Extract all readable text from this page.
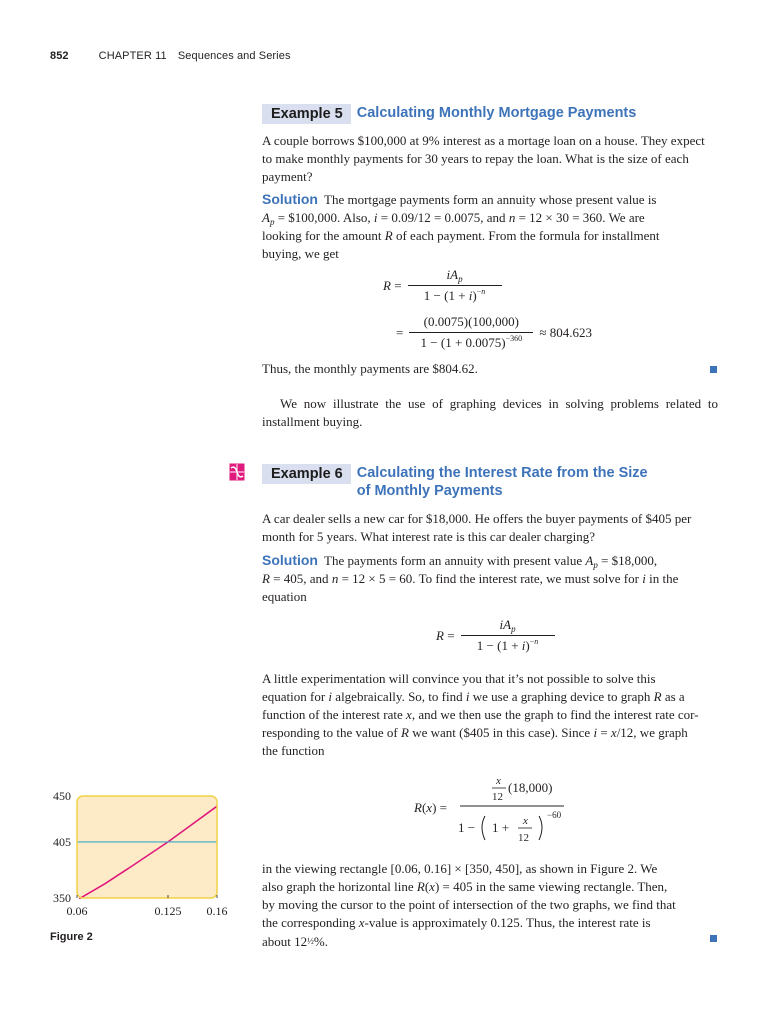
852	CHAPTER 11 Sequences and Series
Example 5 Calculating Monthly Mortgage Payments
A couple borrows $100,000 at 9% interest as a mortage loan on a house. They expect to make monthly payments for 30 years to repay the loan. What is the size of each payment?

Solution The mortgage payments form an annuity whose present value is

$A_p$ = $100,000. Also, i = 0.09/12 = 0.0075, and n = 12 × 30 = 360. We are

looking for the amount R of each payment. From the formula for installment

buying, we get

$R = \frac{iA_p}{1 - (1 + i)^{-n}}$
= $\frac{(0.0075)(100,000)}{1 - (1 + 0.0075)^{-360}} \approx 804.623$
Thus, the monthly payments are $804.62.
We now illustrate the use of graphing devices in solving problems related to installment buying.
Example 6 Calculating the Interest Rate from the Size
of Monthly Payments
A car dealer sells a new car for $18,000. He offers the buyer payments of $405 per month for 5 years. What interest rate is this car dealer charging?

Solution The payments form an annuity with present value $A_p$ = $18,000,

R = 405, and n = 12 × 5 = 60. To find the interest rate, we must solve for i in the

equation

$R = \frac{iA_p}{1 - (1 + i)^{-n}}$

A little experimentation will convince you that it’s not possible to solve this

equation for i algebraically. So, to find i we use a graphing device to graph R as a

function of the interest rate x, and we then use the graph to find the interest rate cor-

responding to the value of R we want ($405 in this case). Since i = x/12, we graph

the function

R(x) =
x
12
(18,000)
1 − 1 + x
12
−60

in the viewing rectangle [0.06, 0.16] × [350, 450], as shown in Figure 2. We

also graph the horizontal line R(x) = 405 in the same viewing rectangle. Then,

by moving the cursor to the point of intersection of the two graphs, we find that

the corresponding x-value is approximately 0.125. Thus, the interest rate is

about 12½%.

350
405
450
0.06	0.125 0.16
Figure 2
